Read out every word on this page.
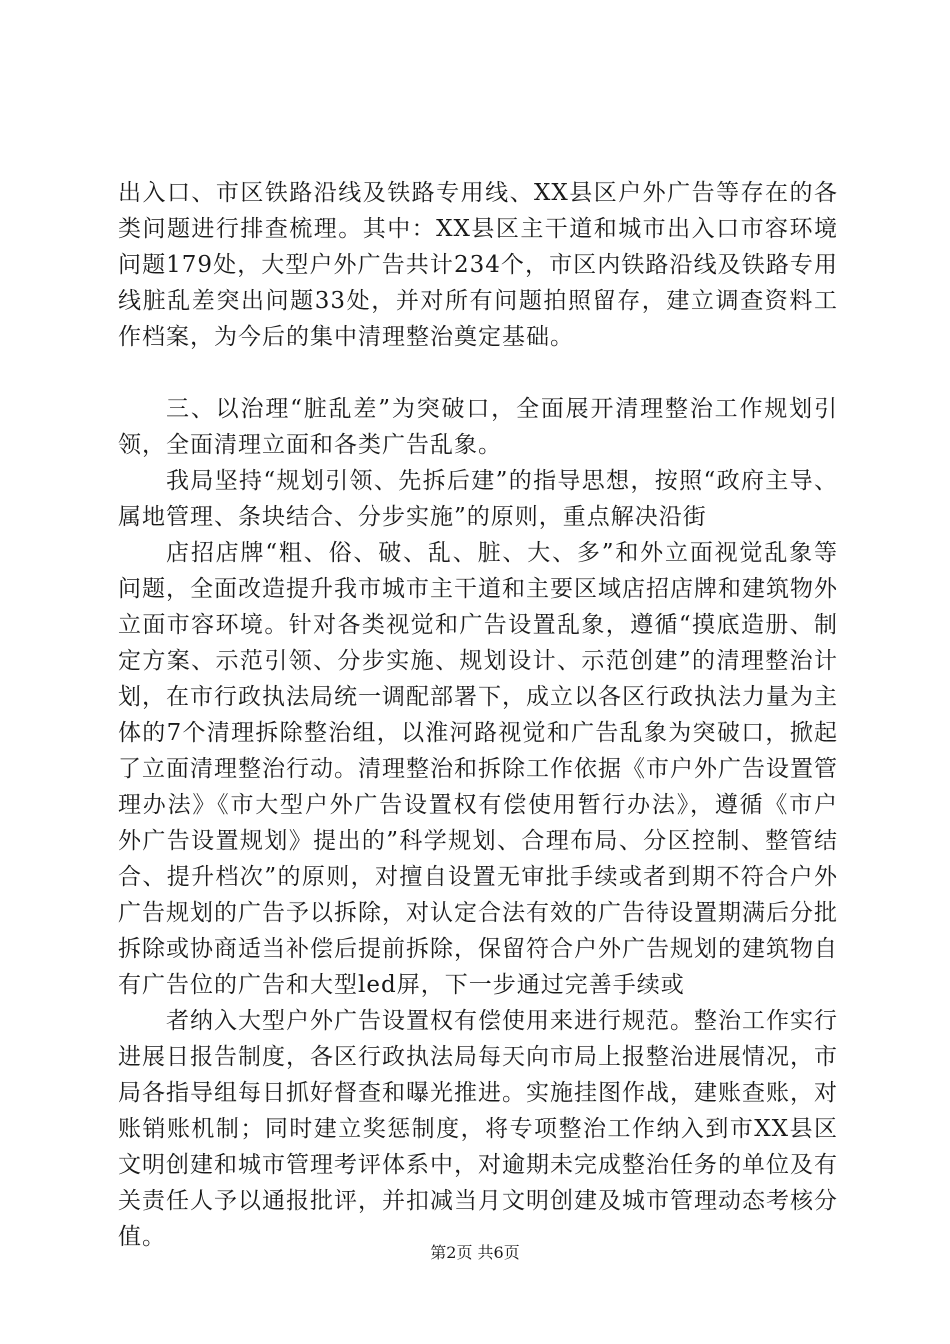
出入口、市区铁路沿线及铁路专用线、XX县区户外广告等存在的各类问题进行排查梳理。其中：XX县区主干道和城市出入口市容环境问题179处，大型户外广告共计234个，市区内铁路沿线及铁路专用线脏乱差突出问题33处，并对所有问题拍照留存，建立调查资料工作档案，为今后的集中清理整治奠定基础。

三、以治理“脏乱差”为突破口，全面展开清理整治工作规划引领，全面清理立面和各类广告乱象。

我局坚持“规划引领、先拆后建”的指导思想，按照“政府主导、属地管理、条块结合、分步实施”的原则，重点解决沿街

店招店牌“粗、俗、破、乱、脏、大、多”和外立面视觉乱象等问题，全面改造提升我市城市主干道和主要区域店招店牌和建筑物外立面市容环境。针对各类视觉和广告设置乱象，遵循“摸底造册、制定方案、示范引领、分步实施、规划设计、示范创建”的清理整治计划，在市行政执法局统一调配部署下，成立以各区行政执法力量为主体的7个清理拆除整治组，以淮河路视觉和广告乱象为突破口，掀起了立面清理整治行动。清理整治和拆除工作依据《市户外广告设置管理办法》《市大型户外广告设置权有偿使用暂行办法》，遵循《市户外广告设置规划》提出的”科学规划、合理布局、分区控制、整管结合、提升档次”的原则，对擅自设置无审批手续或者到期不符合户外广告规划的广告予以拆除，对认定合法有效的广告待设置期满后分批拆除或协商适当补偿后提前拆除，保留符合户外广告规划的建筑物自有广告位的广告和大型led屏，下一步通过完善手续或

者纳入大型户外广告设置权有偿使用来进行规范。整治工作实行进展日报告制度，各区行政执法局每天向市局上报整治进展情况，市局各指导组每日抓好督查和曝光推进。实施挂图作战，建账查账，对账销账机制；同时建立奖惩制度，将专项整治工作纳入到市XX县区文明创建和城市管理考评体系中，对逾期未完成整治任务的单位及有关责任人予以通报批评，并扣减当月文明创建及城市管理动态考核分值。

第2页 共6页
